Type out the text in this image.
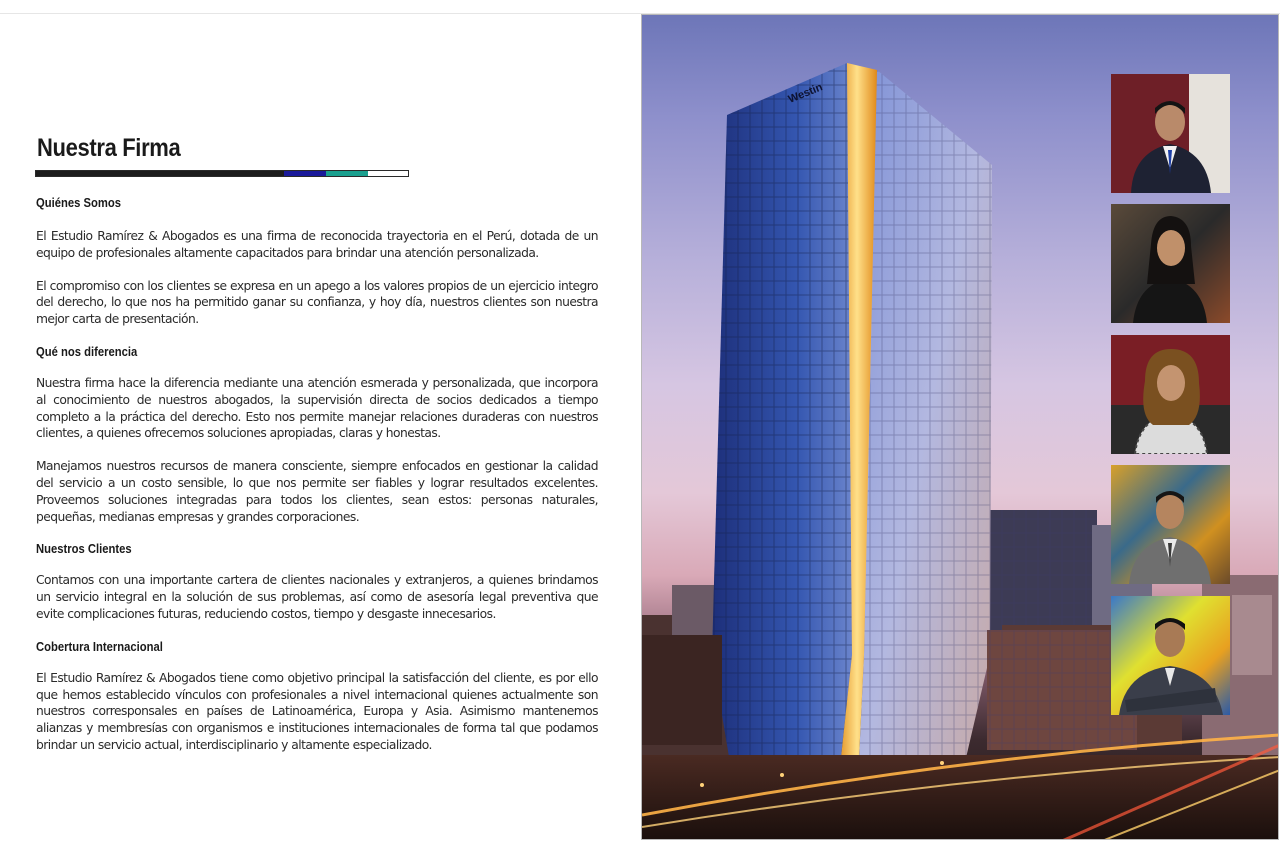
Nuestra Firma
Quiénes Somos

El Estudio Ramírez & Abogados es una firma de reconocida trayectoria en el Perú, dotada de un equipo de profesionales altamente capacitados para brindar una atención personalizada.

El compromiso con los clientes se expresa en un apego a los valores propios de un ejercicio integro del derecho, lo que nos ha permitido ganar su confianza, y hoy día, nuestros clientes son nuestra mejor carta de presentación.

Qué nos diferencia

Nuestra firma hace la diferencia mediante una atención esmerada y personalizada, que incorpora al conocimiento de nuestros abogados, la supervisión directa de socios dedicados a tiempo completo a la práctica del derecho. Esto nos permite manejar relaciones duraderas con nuestros clientes, a quienes ofrecemos soluciones apropiadas, claras y honestas.

Manejamos nuestros recursos de manera consciente, siempre enfocados en gestionar la calidad del servicio a un costo sensible, lo que nos permite ser fiables y lograr resultados excelentes. Proveemos soluciones integradas para todos los clientes, sean estos: personas naturales, pequeñas, medianas empresas y grandes corporaciones.

Nuestros Clientes

Contamos con una importante cartera de clientes nacionales y extranjeros, a quienes brindamos un servicio integral en la solución de sus problemas, así como de asesoría legal preventiva que evite complicaciones futuras, reduciendo costos, tiempo y desgaste innecesarios.

Cobertura Internacional

El Estudio Ramírez & Abogados tiene como objetivo principal la satisfacción del cliente, es por ello que hemos establecido vínculos con profesionales a nivel internacional quienes actualmente son nuestros corresponsales en países de Latinoamérica, Europa y Asia. Asimismo mantenemos alianzas y membresías con organismos e instituciones internacionales de forma tal que podamos brindar un servicio actual, interdisciplinario y altamente especializado.

Westin
